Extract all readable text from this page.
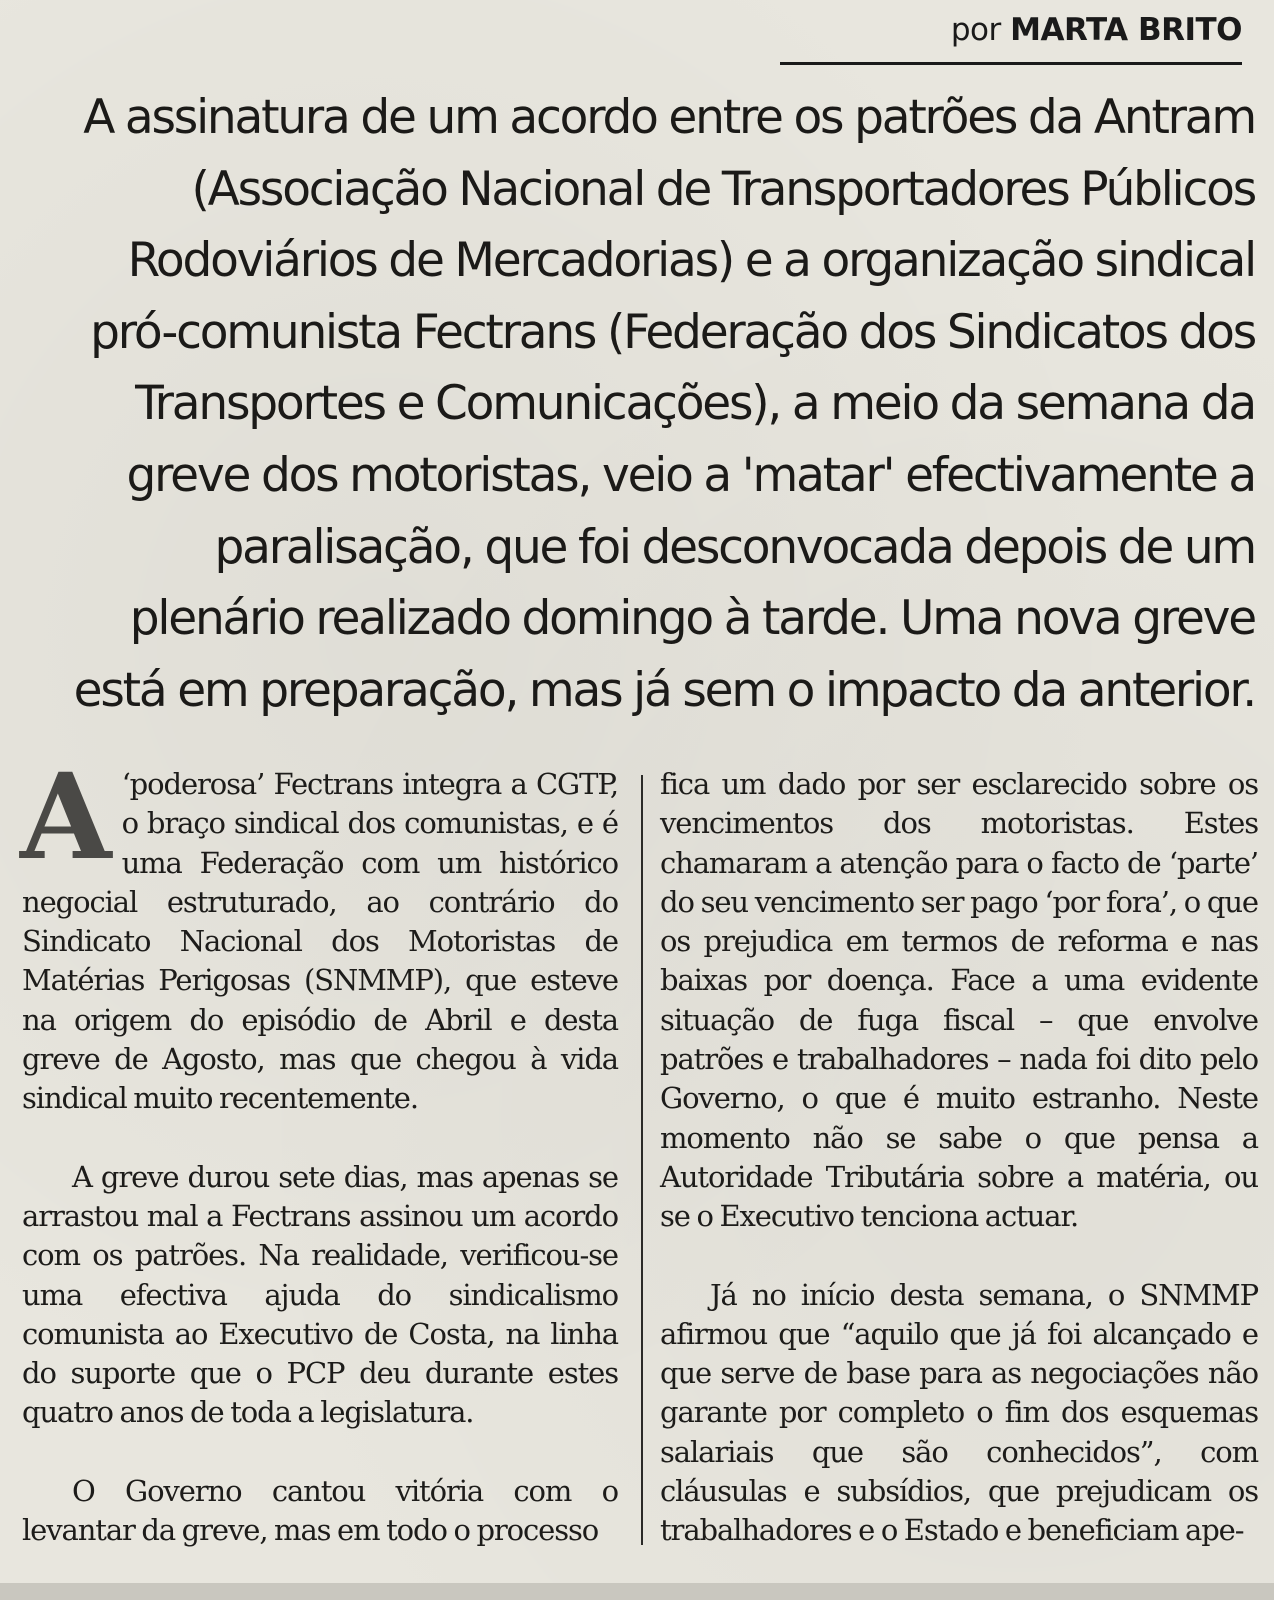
por MARTA BRITO

A assinatura de um acordo entre os patrões da Antram (Associação Nacional de Transportadores Públicos Rodoviários de Mercadorias) e a organização sindical pró-comunista Fectrans (Federação dos Sindicatos dos Transportes e Comunicações), a meio da semana da greve dos motoristas, veio a 'matar' efectivamente a paralisação, que foi desconvocada depois de um plenário realizado domingo à tarde. Uma nova greve está em preparação, mas já sem o impacto da anterior.

A ‘poderosa’ Fectrans integra a CGTP, o braço sindical dos comunistas, e é uma Federação com um histórico negocial estruturado, ao contrário do Sindicato Nacional dos Motoristas de Matérias Perigosas (SNMMP), que esteve na origem do episódio de Abril e desta greve de Agosto, mas que chegou à vida sindical muito recentemente.

A greve durou sete dias, mas apenas se arrastou mal a Fectrans assinou um acordo com os patrões. Na realidade, verificou-se uma efectiva ajuda do sindicalismo comunista ao Executivo de Costa, na linha do suporte que o PCP deu durante estes quatro anos de toda a legislatura.

O Governo cantou vitória com o levantar da greve, mas em todo o processo

fica um dado por ser esclarecido sobre os vencimentos dos motoristas. Estes chamaram a atenção para o facto de ‘parte’ do seu vencimento ser pago ‘por fora’, o que os prejudica em termos de reforma e nas baixas por doença. Face a uma evidente situação de fuga fiscal – que envolve patrões e trabalhadores – nada foi dito pelo Governo, o que é muito estranho. Neste momento não se sabe o que pensa a Autoridade Tributária sobre a matéria, ou se o Executivo tenciona actuar.

Já no início desta semana, o SNMMP afirmou que “aquilo que já foi alcançado e que serve de base para as negociações não garante por completo o fim dos esquemas salariais que são conhecidos”, com cláusulas e subsídios, que prejudicam os trabalhadores e o Estado e beneficiam ape-
